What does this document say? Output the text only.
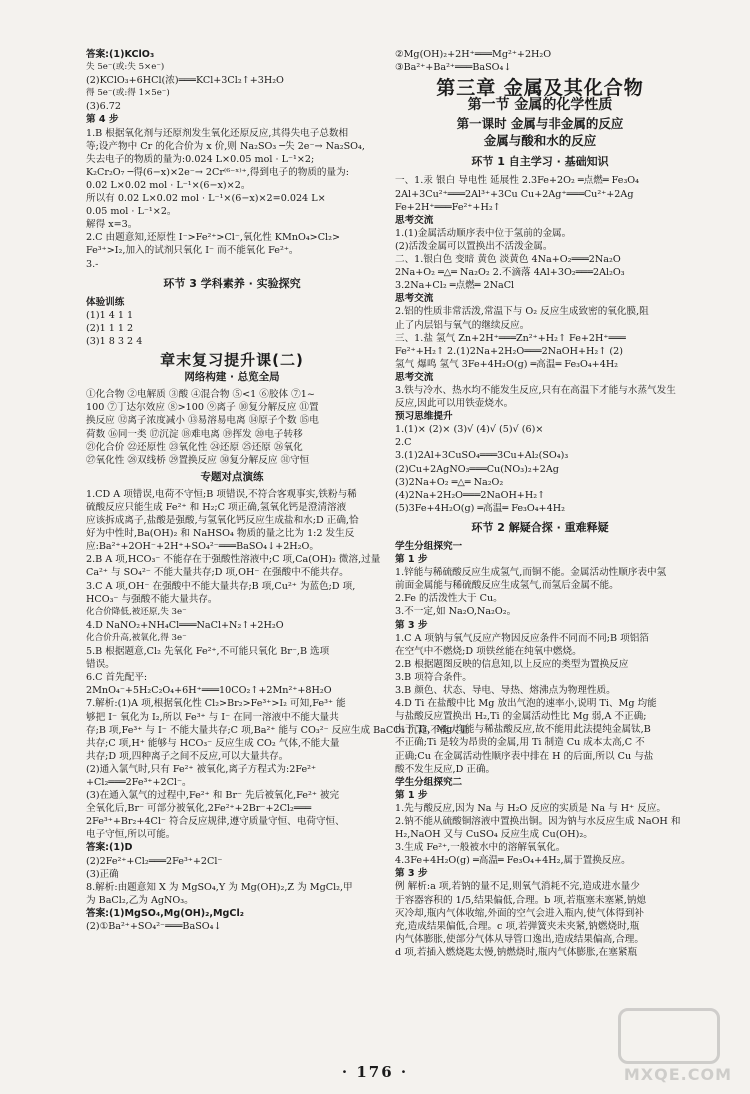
答案:(1)KClO₃
失 5e⁻(或:失 5×e⁻)
(2)KClO₃+6HCl(浓)═══KCl+3Cl₂↑+3H₂O
得 5e⁻(或:得 1×5e⁻)
(3)6.72
第 4 步
1.B 根据氧化剂与还原剂发生氧化还原反应,其得失电子总数相
等;设产物中 Cr 的化合价为 x 价,则 Na₂SO₃ ─失 2e⁻→ Na₂SO₄,
失去电子的物质的量为:0.024 L×0.05 mol · L⁻¹×2;
K₂Cr₂O₇ ─得(6−x)×2e⁻→ 2Cr⁽⁶⁻ˣ⁾⁺,得到电子的物质的量为:
0.02 L×0.02 mol · L⁻¹×(6−x)×2。
所以有 0.02 L×0.02 mol · L⁻¹×(6−x)×2=0.024 L×
0.05 mol · L⁻¹×2。
解得 x=3。
2.C 由题意知,还原性 I⁻>Fe²⁺>Cl⁻,氧化性 KMnO₄>Cl₂>
Fe³⁺>I₂,加入的试剂只氧化 I⁻ 而不能氧化 Fe²⁺。
3.-
环节 3 学科素养 · 实验探究
体验训练
(1)1 4 1 1
(2)1 1 1 2
(3)1 8 3 2 4
章末复习提升课(二)
网络构建 · 总览全局
①化合物 ②电解质 ③酸 ④混合物 ⑤<1 ⑥胶体 ⑦1~
100 ⑦丁达尔效应 ⑧>100 ⑨离子 ⑩复分解反应 ⑪置
换反应 ⑫离子浓度减小 ⑬易溶易电离 ⑭原子个数 ⑮电
荷数 ⑯同一类 ⑰沉淀 ⑱难电离 ⑲挥发 ⑳电子转移
㉑化合价 ㉒还原性 ㉓氧化性 ㉔还原 ㉕还原 ㉖氧化
㉗氧化性 ㉘双线桥 ㉙置换反应 ㉚复分解反应 ㉛守恒
专题对点演练
1.CD A 项错误,电荷不守恒;B 项错误,不符合客观事实,铁粉与稀
硫酸反应只能生成 Fe²⁺ 和 H₂;C 项正确,氢氧化钙是澄清溶液
应该拆成离子,盐酸是强酸,与氢氧化钙反应生成盐和水;D 正确,恰
好为中性时,Ba(OH)₂ 和 NaHSO₄ 物质的量之比为 1:2 发生反
应:Ba²⁺+2OH⁻+2H⁺+SO₄²⁻═══BaSO₄↓+2H₂O。
2.B A 项,HCO₃⁻ 不能存在于强酸性溶液中;C 项,Ca(OH)₂ 微溶,过量
Ca²⁺ 与 SO₄²⁻ 不能大量共存;D 项,OH⁻ 在强酸中不能共存。
3.C A 项,OH⁻ 在强酸中不能大量共存;B 项,Cu²⁺ 为蓝色;D 项,
HCO₃⁻ 与强酸不能大量共存。
化合价降低,被还原,失 3e⁻
4.D NaNO₂+NH₄Cl═══NaCl+N₂↑+2H₂O
化合价升高,被氧化,得 3e⁻
5.B 根据题意,Cl₂ 先氧化 Fe²⁺,不可能只氧化 Br⁻,B 选项
错误。
6.C 首先配平:
2MnO₄⁻+5H₂C₂O₄+6H⁺═══10CO₂↑+2Mn²⁺+8H₂O
7.解析:(1)A 项,根据氧化性 Cl₂>Br₂>Fe³⁺>I₂ 可知,Fe³⁺ 能
够把 I⁻ 氧化为 I₂,所以 Fe³⁺ 与 I⁻ 在同一溶液中不能大量共
存;B 项,Fe³⁺ 与 I⁻ 不能大量共存;C 项,Ba²⁺ 能与 CO₃²⁻ 反应生成 BaCO₃ 沉淀,不能大量
共存;C 项,H⁺ 能够与 HCO₃⁻ 反应生成 CO₂ 气体,不能大量
共存;D 项,四种离子之间不反应,可以大量共存。
(2)通入氯气时,只有 Fe²⁺ 被氧化,离子方程式为:2Fe²⁺
+Cl₂═══2Fe³⁺+2Cl⁻。
(3)在通入氯气的过程中,Fe²⁺ 和 Br⁻ 先后被氧化,Fe²⁺ 被完
全氧化后,Br⁻ 可部分被氧化,2Fe²⁺+2Br⁻+2Cl₂═══
2Fe³⁺+Br₂+4Cl⁻ 符合反应规律,遵守质量守恒、电荷守恒、
电子守恒,所以可能。
答案:(1)D
(2)2Fe²⁺+Cl₂═══2Fe³⁺+2Cl⁻
(3)正确
8.解析:由题意知 X 为 MgSO₄,Y 为 Mg(OH)₂,Z 为 MgCl₂,甲
为 BaCl₂,乙为 AgNO₃。
答案:(1)MgSO₄,Mg(OH)₂,MgCl₂
(2)①Ba²⁺+SO₄²⁻═══BaSO₄↓
②Mg(OH)₂+2H⁺═══Mg²⁺+2H₂O
③Ba²⁺+Ba²⁺═══BaSO₄↓
第三章 金属及其化合物
第一节 金属的化学性质
第一课时 金属与非金属的反应
金属与酸和水的反应
环节 1 自主学习 · 基础知识
一、1.汞 银白 导电性 延展性 2.3Fe+2O₂ ═点燃═ Fe₃O₄
2Al+3Cu²⁺═══2Al³⁺+3Cu Cu+2Ag⁺═══Cu²⁺+2Ag
Fe+2H⁺═══Fe²⁺+H₂↑
思考交流
1.(1)金属活动顺序表中位于氢前的金属。
(2)活泼金属可以置换出不活泼金属。
二、1.银白色 变暗 黄色 淡黄色 4Na+O₂═══2Na₂O
2Na+O₂ ═△═ Na₂O₂ 2.不滴落 4Al+3O₂═══2Al₂O₃
3.2Na+Cl₂ ═点燃═ 2NaCl
思考交流
2.铝的性质非常活泼,常温下与 O₂ 反应生成致密的氧化膜,阻
止了内层铝与氧气的继续反应。
三、1.盐 氢气 Zn+2H⁺═══Zn²⁺+H₂↑ Fe+2H⁺═══
Fe²⁺+H₂↑ 2.(1)2Na+2H₂O═══2NaOH+H₂↑ (2)
氢气 爆鸣 氢气 3Fe+4H₂O(g) ═高温═ Fe₃O₄+4H₂
思考交流
3.铁与冷水、热水均不能发生反应,只有在高温下才能与水蒸气发生
反应,因此可以用铁壶烧水。
预习思维提升
1.(1)× (2)× (3)√ (4)√ (5)√ (6)×
2.C
3.(1)2Al+3CuSO₄═══3Cu+Al₂(SO₄)₃
(2)Cu+2AgNO₃═══Cu(NO₃)₂+2Ag
(3)2Na+O₂ ═△═ Na₂O₂
(4)2Na+2H₂O═══2NaOH+H₂↑
(5)3Fe+4H₂O(g) ═高温═ Fe₃O₄+4H₂
环节 2 解疑合探 · 重难释疑
学生分组探究一
第 1 步
1.锌能与稀硫酸反应生成氢气,而铜不能。金属活动性顺序表中氢
前面金属能与稀硫酸反应生成氢气,而氢后金属不能。
2.Fe 的活泼性大于 Cu。
3.不一定,如 Na₂O,Na₂O₂。
第 3 步
1.C A 项钠与氧气反应产物因反应条件不同而不同;B 项铝箔
在空气中不燃烧;D 项铁丝能在纯氧中燃烧。
2.B 根据题图反映的信息知,以上反应的类型为置换反应
3.B 项符合条件。
3.B 颜色、状态、导电、导热、熔沸点为物理性质。
4.D Ti 在盐酸中比 Mg 放出气泡的速率小,说明 Ti、Mg 均能
与盐酸反应置换出 H₂,Ti 的金属活动性比 Mg 弱,A 不正确;
由于 Ti、Mg 均能与稀盐酸反应,故不能用此法提纯金属钛,B
不正确;Ti 是较为昂贵的金属,用 Ti 制造 Cu 成本太高,C 不
正确;Cu 在金属活动性顺序表中排在 H 的后面,所以 Cu 与盐
酸不发生反应,D 正确。
学生分组探究二
第 1 步
1.先与酸反应,因为 Na 与 H₂O 反应的实质是 Na 与 H⁺ 反应。
2.钠不能从硫酸铜溶液中置换出铜。因为钠与水反应生成 NaOH 和
H₂,NaOH 又与 CuSO₄ 反应生成 Cu(OH)₂。
3.生成 Fe²⁺,一般被水中的溶解氧氧化。
4.3Fe+4H₂O(g) ═高温═ Fe₃O₄+4H₂,属于置换反应。
第 3 步
例 解析:a 项,若钠的量不足,则氧气消耗不完,造成进水量少
于容器容积的 1/5,结果偏低,合理。b 项,若瓶塞未塞紧,钠熄
灭冷却,瓶内气体收缩,外面的空气会进入瓶内,使气体得到补
充,造成结果偏低,合理。c 项,若弹簧夹未夹紧,钠燃烧时,瓶
内气体膨胀,使部分气体从导管口逸出,造成结果偏高,合理。
d 项,若插入燃烧匙太慢,钠燃烧时,瓶内气体膨胀,在塞紧瓶
· 176 ·	MXQE.COM
